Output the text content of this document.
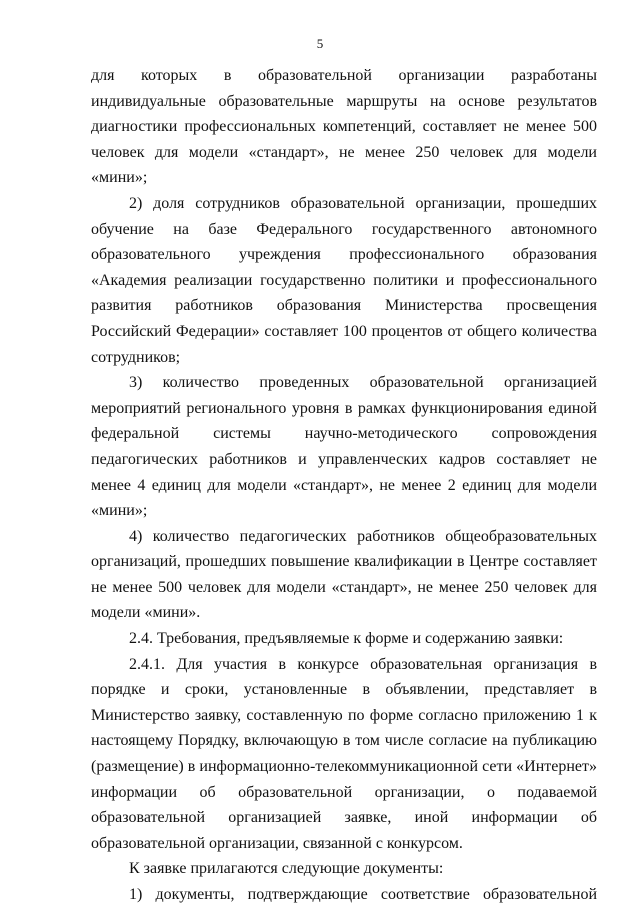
5

для которых в образовательной организации разработаны индивидуальные образовательные маршруты на основе результатов диагностики профессиональных компетенций, составляет не менее 500 человек для модели «стандарт», не менее 250 человек для модели «мини»;

2) доля сотрудников образовательной организации, прошедших обучение на базе Федерального государственного автономного образовательного учреждения профессионального образования «Академия реализации государственно политики и профессионального развития работников образования Министерства просвещения Российский Федерации» составляет 100 процентов от общего количества сотрудников;

3) количество проведенных образовательной организацией мероприятий регионального уровня в рамках функционирования единой федеральной системы научно-методического сопровождения педагогических работников и управленческих кадров составляет не менее 4 единиц для модели «стандарт», не менее 2 единиц для модели «мини»;

4) количество педагогических работников общеобразовательных организаций, прошедших повышение квалификации в Центре составляет не менее 500 человек для модели «стандарт», не менее 250 человек для модели «мини».

2.4. Требования, предъявляемые к форме и содержанию заявки:

2.4.1. Для участия в конкурсе образовательная организация в порядке и сроки, установленные в объявлении, представляет в Министерство заявку, составленную по форме согласно приложению 1 к настоящему Порядку, включающую в том числе согласие на публикацию (размещение) в информационно-телекоммуникационной сети «Интернет» информации об образовательной организации, о подаваемой образовательной организацией заявке, иной информации об образовательной организации, связанной с конкурсом.

К заявке прилагаются следующие документы:

1) документы, подтверждающие соответствие образовательной
